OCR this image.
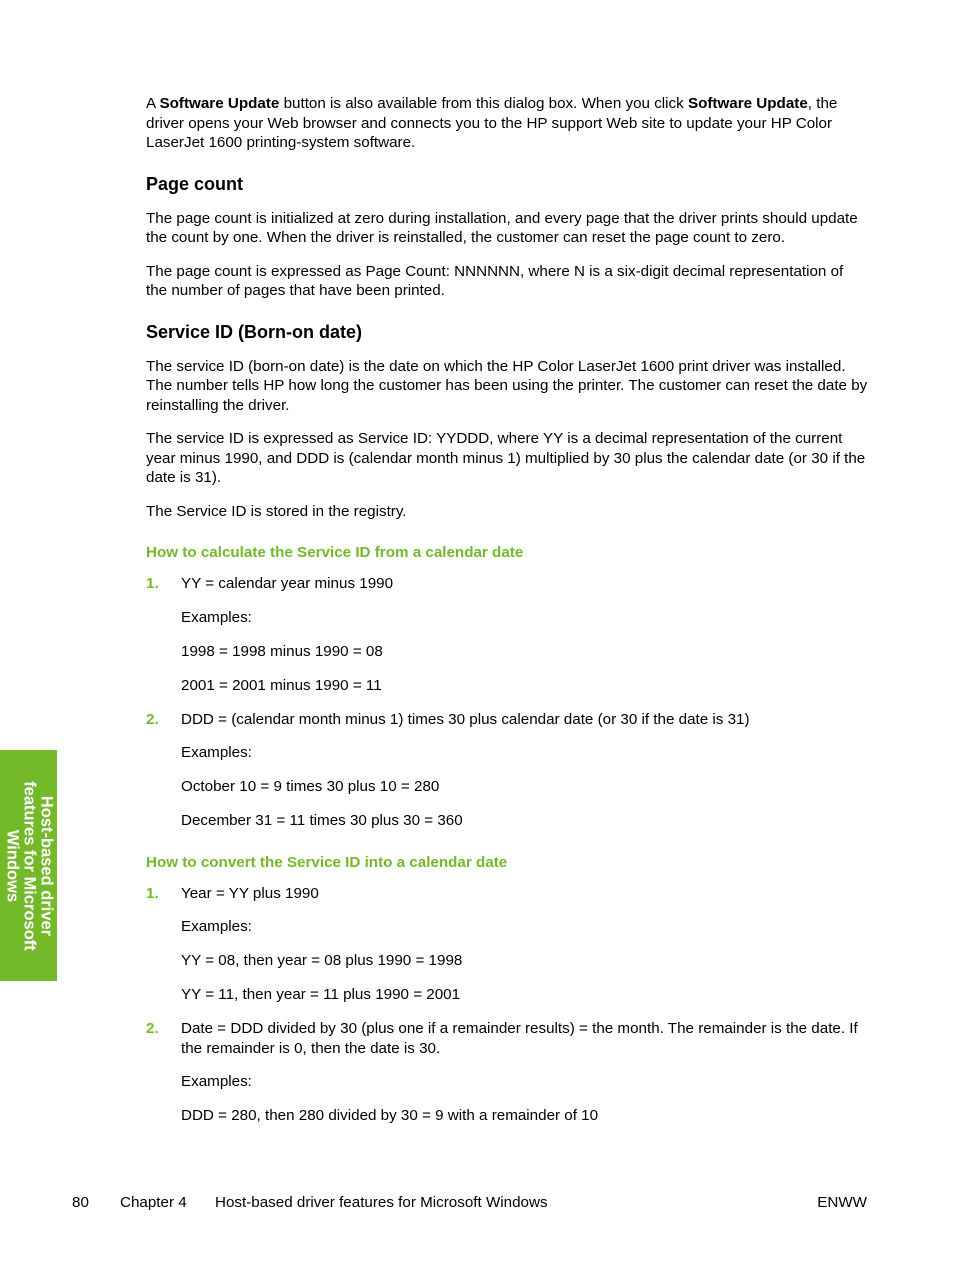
A Software Update button is also available from this dialog box. When you click Software Update, the driver opens your Web browser and connects you to the HP support Web site to update your HP Color LaserJet 1600 printing-system software.

Page count

The page count is initialized at zero during installation, and every page that the driver prints should update the count by one. When the driver is reinstalled, the customer can reset the page count to zero.

The page count is expressed as Page Count: NNNNNN, where N is a six-digit decimal representation of the number of pages that have been printed.

Service ID (Born-on date)

The service ID (born-on date) is the date on which the HP Color LaserJet 1600 print driver was installed. The number tells HP how long the customer has been using the printer. The customer can reset the date by reinstalling the driver.

The service ID is expressed as Service ID: YYDDD, where YY is a decimal representation of the current year minus 1990, and DDD is (calendar month minus 1) multiplied by 30 plus the calendar date (or 30 if the date is 31).

The Service ID is stored in the registry.

How to calculate the Service ID from a calendar date
1. YY = calendar year minus 1990

Examples:

1998 = 1998 minus 1990 = 08

2001 = 2001 minus 1990 = 11

2. DDD = (calendar month minus 1) times 30 plus calendar date (or 30 if the date is 31)

Examples:

October 10 = 9 times 30 plus 10 = 280

December 31 = 11 times 30 plus 30 = 360

How to convert the Service ID into a calendar date
1. Year = YY plus 1990

Examples:

YY = 08, then year = 08 plus 1990 = 1998

YY = 11, then year = 11 plus 1990 = 2001

2. Date = DDD divided by 30 (plus one if a remainder results) = the month. The remainder is the date. If the remainder is 0, then the date is 30.

Examples:

DDD = 280, then 280 divided by 30 = 9 with a remainder of 10

Host-based driver
features for Microsoft
Windows
80 Chapter 4 Host-based driver features for Microsoft Windows	ENWW
